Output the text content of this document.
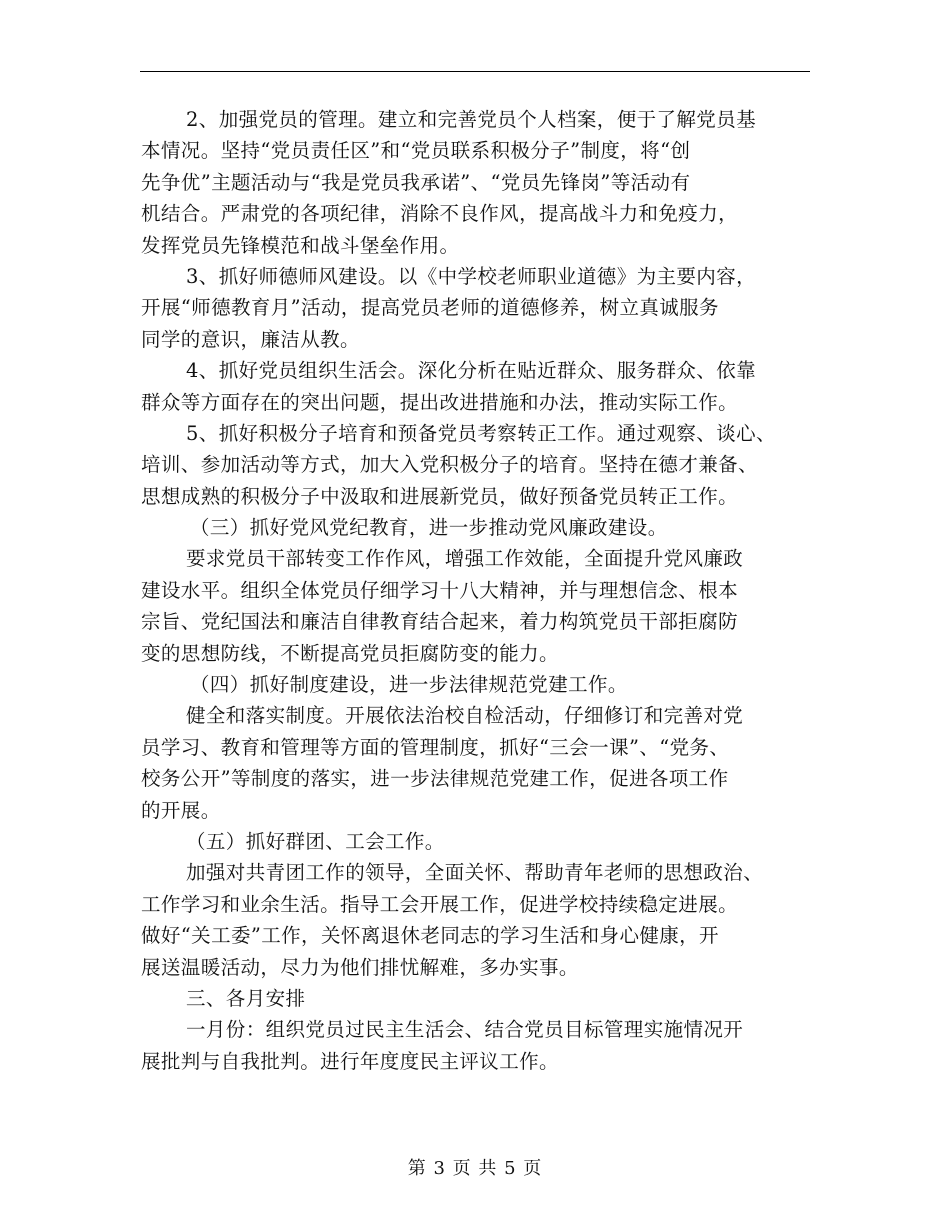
2、加强党员的管理。建立和完善党员个人档案，便于了解党员基
本情况。坚持“党员责任区”和“党员联系积极分子”制度，将“创
先争优”主题活动与“我是党员我承诺”、“党员先锋岗”等活动有
机结合。严肃党的各项纪律，消除不良作风，提高战斗力和免疫力，
发挥党员先锋模范和战斗堡垒作用。
3、抓好师德师风建设。以《中学校老师职业道德》为主要内容，
开展“师德教育月”活动，提高党员老师的道德修养，树立真诚服务
同学的意识，廉洁从教。
4、抓好党员组织生活会。深化分析在贴近群众、服务群众、依靠
群众等方面存在的突出问题，提出改进措施和办法，推动实际工作。
5、抓好积极分子培育和预备党员考察转正工作。通过观察、谈心、
培训、参加活动等方式，加大入党积极分子的培育。坚持在德才兼备、
思想成熟的积极分子中汲取和进展新党员，做好预备党员转正工作。
（三）抓好党风党纪教育，进一步推动党风廉政建设。
要求党员干部转变工作作风，增强工作效能，全面提升党风廉政
建设水平。组织全体党员仔细学习十八大精神，并与理想信念、根本
宗旨、党纪国法和廉洁自律教育结合起来，着力构筑党员干部拒腐防
变的思想防线，不断提高党员拒腐防变的能力。
（四）抓好制度建设，进一步法律规范党建工作。
健全和落实制度。开展依法治校自检活动，仔细修订和完善对党
员学习、教育和管理等方面的管理制度，抓好“三会一课”、“党务、
校务公开”等制度的落实，进一步法律规范党建工作，促进各项工作
的开展。
（五）抓好群团、工会工作。
加强对共青团工作的领导，全面关怀、帮助青年老师的思想政治、
工作学习和业余生活。指导工会开展工作，促进学校持续稳定进展。
做好“关工委”工作，关怀离退休老同志的学习生活和身心健康，开
展送温暖活动，尽力为他们排忧解难，多办实事。
三、各月安排
一月份：组织党员过民主生活会、结合党员目标管理实施情况开
展批判与自我批判。进行年度度民主评议工作。
第 3 页 共 5 页
